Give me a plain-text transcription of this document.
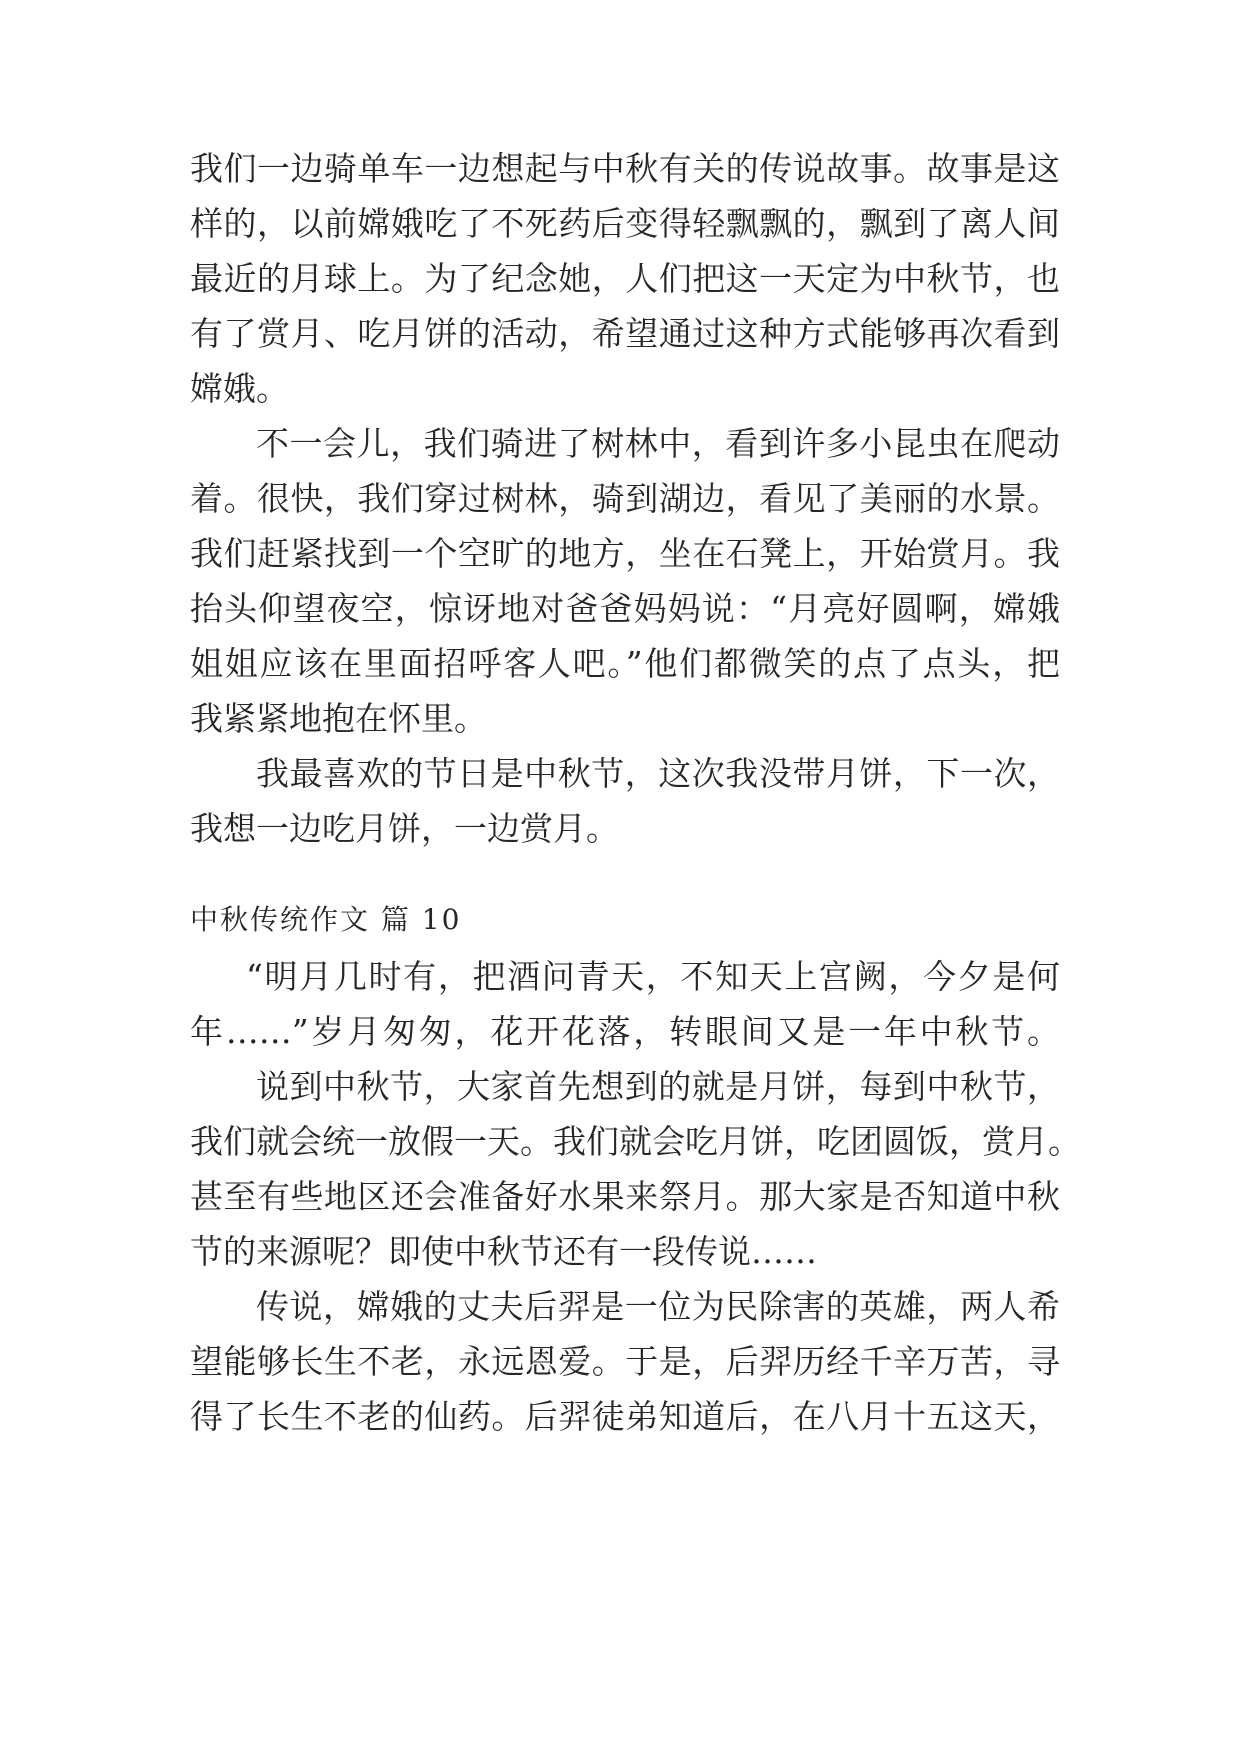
我们一边骑单车一边想起与中秋有关的传说故事。故事是这
样的，以前嫦娥吃了不死药后变得轻飘飘的，飘到了离人间
最近的月球上。为了纪念她，人们把这一天定为中秋节，也
有了赏月、吃月饼的活动，希望通过这种方式能够再次看到
嫦娥。
不一会儿，我们骑进了树林中，看到许多小昆虫在爬动
着。很快，我们穿过树林，骑到湖边，看见了美丽的水景。
我们赶紧找到一个空旷的地方，坐在石凳上，开始赏月。我
抬头仰望夜空，惊讶地对爸爸妈妈说：“月亮好圆啊，嫦娥
姐姐应该在里面招呼客人吧。”他们都微笑的点了点头，把
我紧紧地抱在怀里。
我最喜欢的节日是中秋节，这次我没带月饼，下一次，
我想一边吃月饼，一边赏月。
中秋传统作文 篇 10
“明月几时有，把酒问青天，不知天上宫阙，今夕是何
年……”岁月匆匆，花开花落，转眼间又是一年中秋节。
说到中秋节，大家首先想到的就是月饼，每到中秋节，
我们就会统一放假一天。我们就会吃月饼，吃团圆饭，赏月。
甚至有些地区还会准备好水果来祭月。那大家是否知道中秋
节的来源呢？即使中秋节还有一段传说……
传说，嫦娥的丈夫后羿是一位为民除害的英雄，两人希
望能够长生不老，永远恩爱。于是，后羿历经千辛万苦，寻
得了长生不老的仙药。后羿徒弟知道后，在八月十五这天，
